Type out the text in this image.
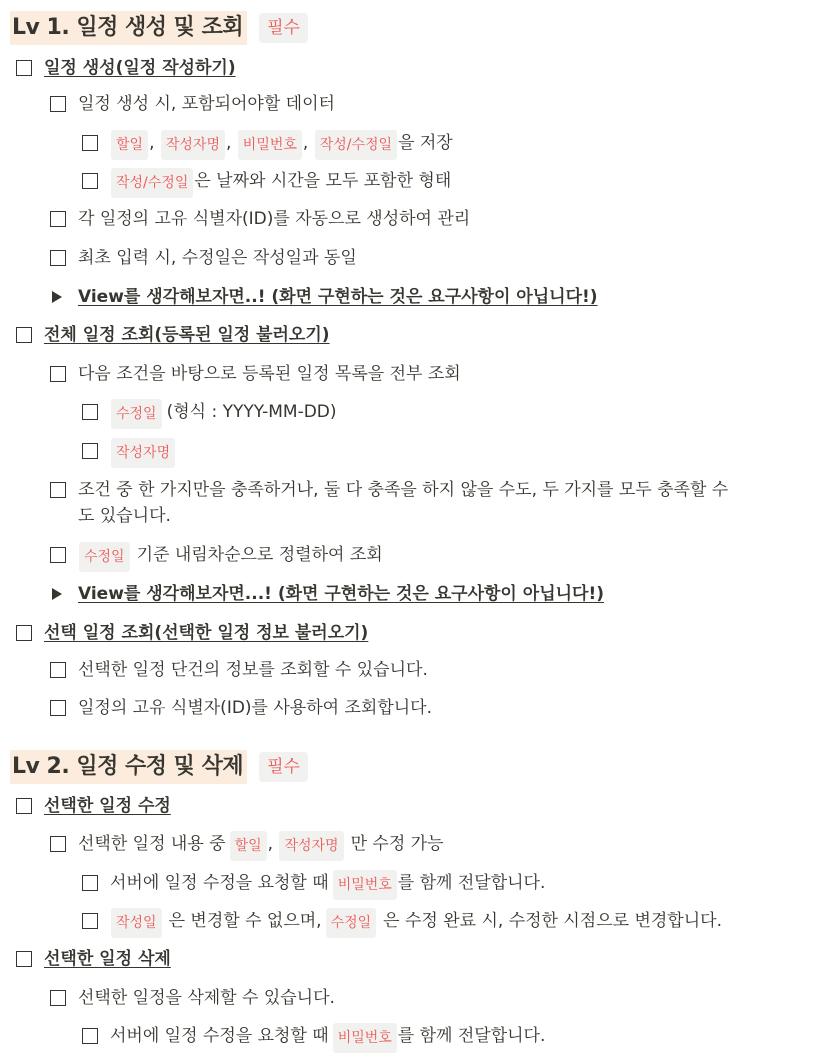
Lv 1. 일정 생성 및 조회	필수
일정 생성(일정 작성하기)
일정 생성 시, 포함되어야할 데이터
할일 , 작성자명 , 비밀번호 , 작성/수정일 을 저장
작성/수정일 은 날짜와 시간을 모두 포함한 형태
각 일정의 고유 식별자(ID)를 자동으로 생성하여 관리
최초 입력 시, 수정일은 작성일과 동일
View를 생각해보자면..! (화면 구현하는 것은 요구사항이 아닙니다!)
전체 일정 조회(등록된 일정 불러오기)
다음 조건을 바탕으로 등록된 일정 목록을 전부 조회
수정일 (형식 : YYYY-MM-DD)
작성자명
조건 중 한 가지만을 충족하거나, 둘 다 충족을 하지 않을 수도, 두 가지를 모두 충족할 수
도 있습니다.
수정일 기준 내림차순으로 정렬하여 조회
View를 생각해보자면...! (화면 구현하는 것은 요구사항이 아닙니다!)
선택 일정 조회(선택한 일정 정보 불러오기)
선택한 일정 단건의 정보를 조회할 수 있습니다.
일정의 고유 식별자(ID)를 사용하여 조회합니다.
Lv 2. 일정 수정 및 삭제	필수
선택한 일정 수정
선택한 일정 내용 중 할일 , 작성자명 만 수정 가능
서버에 일정 수정을 요청할 때 비밀번호 를 함께 전달합니다.
작성일 은 변경할 수 없으며, 수정일 은 수정 완료 시, 수정한 시점으로 변경합니다.
선택한 일정 삭제
선택한 일정을 삭제할 수 있습니다.
서버에 일정 수정을 요청할 때 비밀번호 를 함께 전달합니다.
